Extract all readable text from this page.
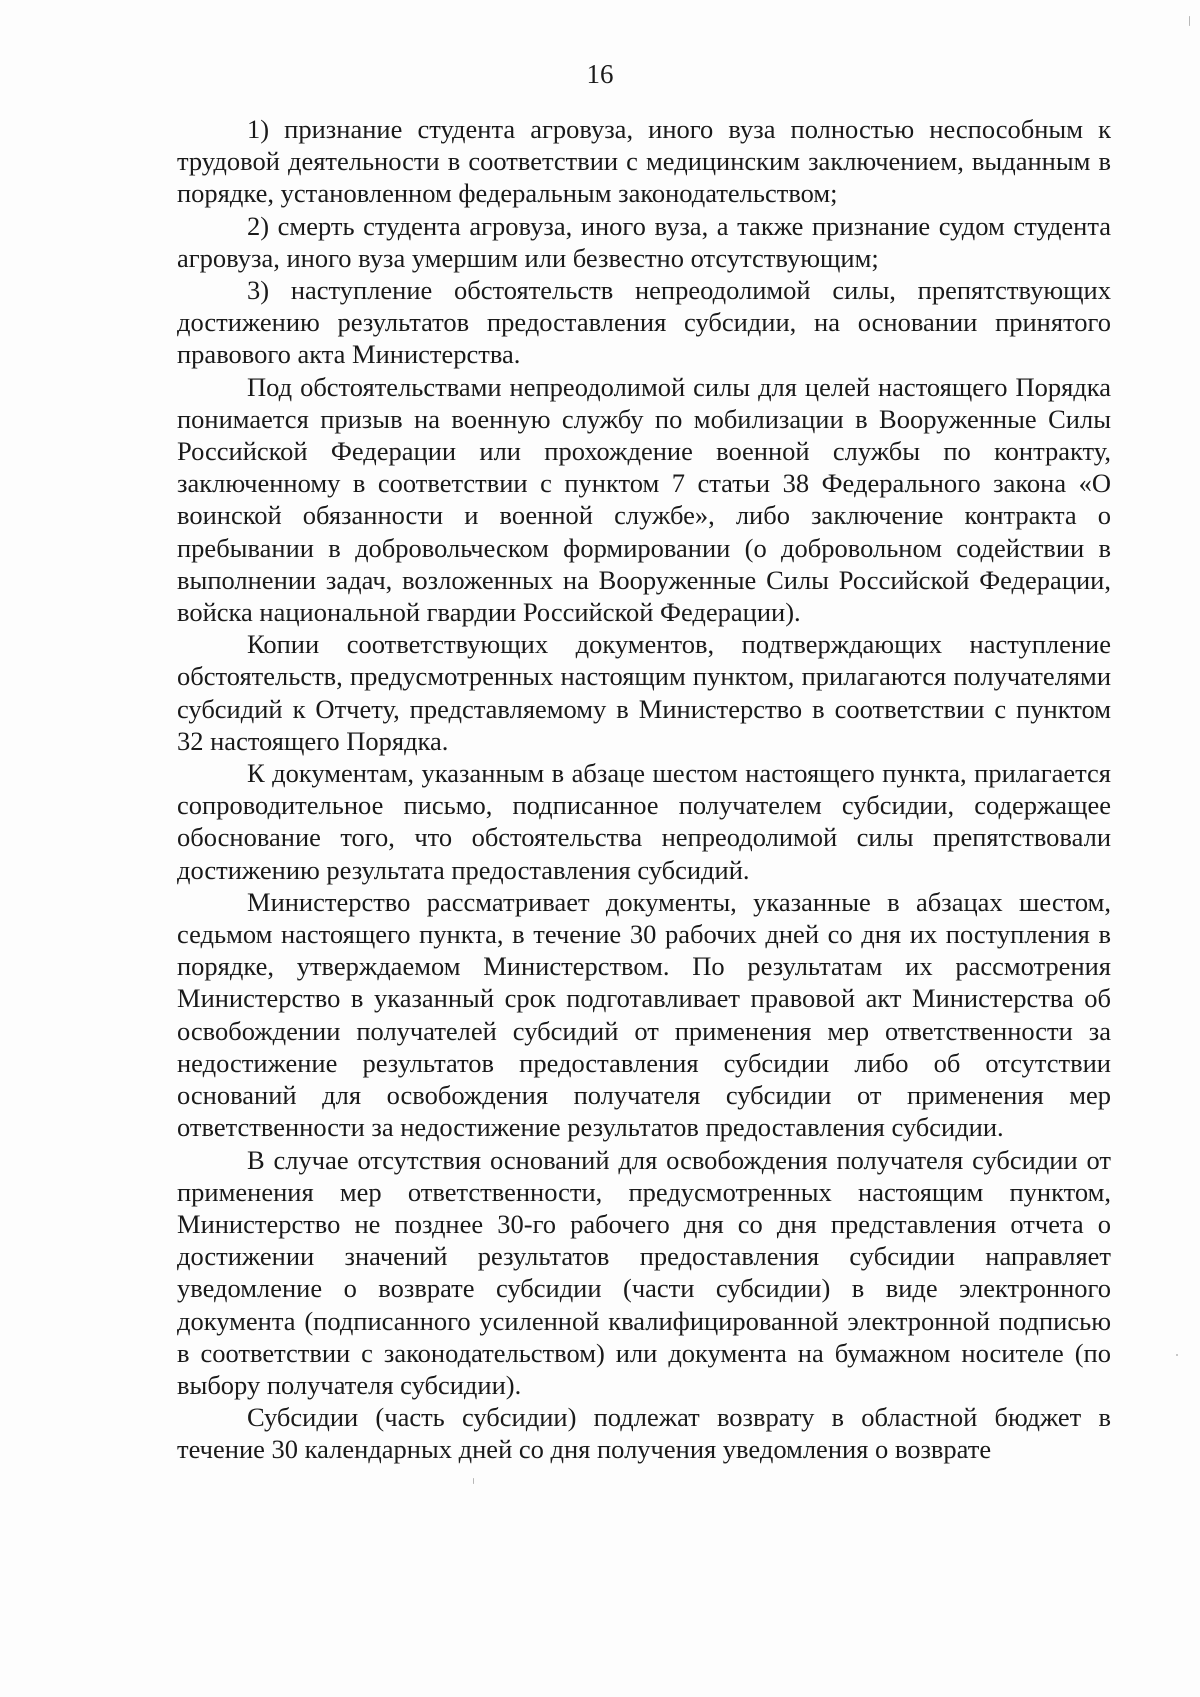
16

1) признание студента агровуза, иного вуза полностью неспособным к трудовой деятельности в соответствии с медицинским заключением, выданным в порядке, установленном федеральным законодательством;

2) смерть студента агровуза, иного вуза, а также признание судом студента агровуза, иного вуза умершим или безвестно отсутствующим;

3) наступление обстоятельств непреодолимой силы, препятствующих достижению результатов предоставления субсидии, на основании принятого правового акта Министерства.

Под обстоятельствами непреодолимой силы для целей настоящего Порядка понимается призыв на военную службу по мобилизации в Вооруженные Силы Российской Федерации или прохождение военной службы по контракту, заключенному в соответствии с пунктом 7 статьи 38 Федерального закона «О воинской обязанности и военной службе», либо заключение контракта о пребывании в добровольческом формировании (о добровольном содействии в выполнении задач, возложенных на Вооруженные Силы Российской Федерации, войска национальной гвардии Российской Федерации).

Копии соответствующих документов, подтверждающих наступление обстоятельств, предусмотренных настоящим пунктом, прилагаются получателями субсидий к Отчету, представляемому в Министерство в соответствии с пунктом 32 настоящего Порядка.

К документам, указанным в абзаце шестом настоящего пункта, прилагается сопроводительное письмо, подписанное получателем субсидии, содержащее обоснование того, что обстоятельства непреодолимой силы препятствовали достижению результата предоставления субсидий.

Министерство рассматривает документы, указанные в абзацах шестом, седьмом настоящего пункта, в течение 30 рабочих дней со дня их поступления в порядке, утверждаемом Министерством. По результатам их рассмотрения Министерство в указанный срок подготавливает правовой акт Министерства об освобождении получателей субсидий от применения мер ответственности за недостижение результатов предоставления субсидии либо об отсутствии оснований для освобождения получателя субсидии от применения мер ответственности за недостижение результатов предоставления субсидии.

В случае отсутствия оснований для освобождения получателя субсидии от применения мер ответственности, предусмотренных настоящим пунктом, Министерство не позднее 30-го рабочего дня со дня представления отчета о достижении значений результатов предоставления субсидии направляет уведомление о возврате субсидии (части субсидии) в виде электронного документа (подписанного усиленной квалифицированной электронной подписью в соответствии с законодательством) или документа на бумажном носителе (по выбору получателя субсидии).

Субсидии (часть субсидии) подлежат возврату в областной бюджет в течение 30 календарных дней со дня получения уведомления о возврате
